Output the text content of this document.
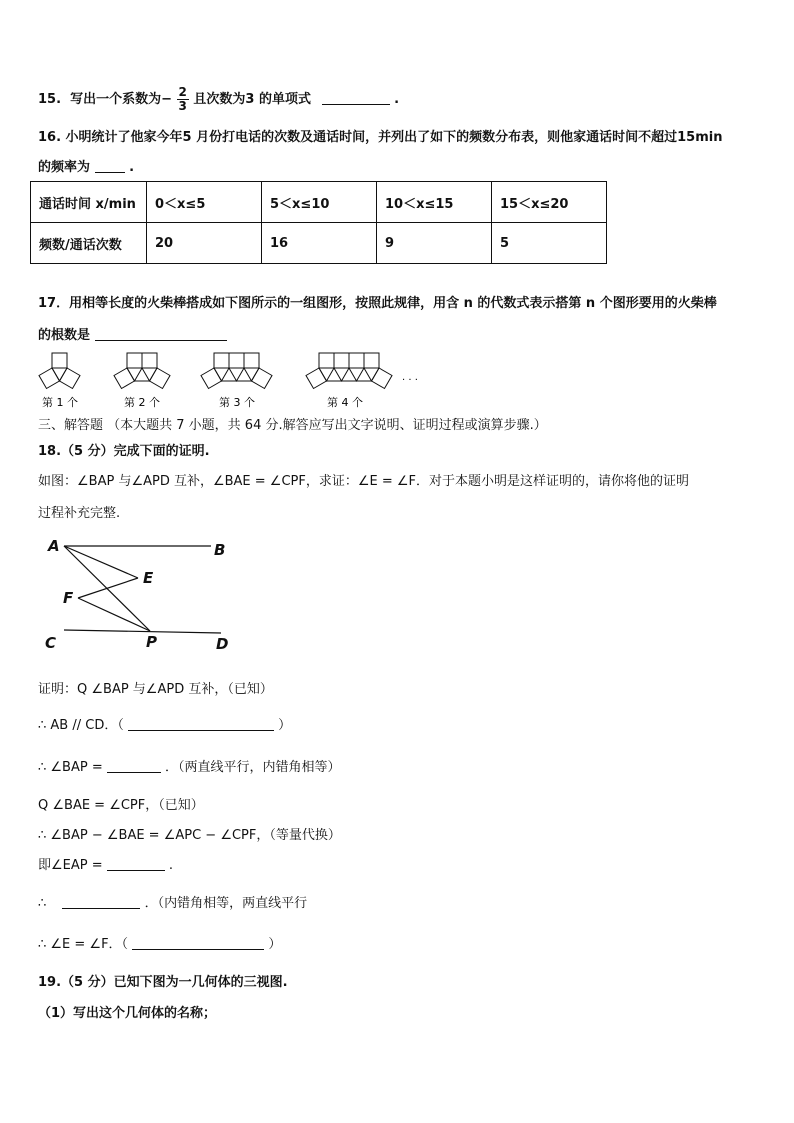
15. 写出一个系数为− $\frac{2}{3}$ 且次数为3 的单项式	.
16. 小明统计了他家今年5 月份打电话的次数及通话时间，并列出了如下的频数分布表，则他家通话时间不超过15min
的频率为	.
通话时间 x/min	0＜x≤5	5＜x≤10	10＜x≤15	15＜x≤20
频数/通话次数	20	16	9	5
17．用相等长度的火柴棒搭成如下图所示的一组图形，按照此规律，用含 n 的代数式表示搭第 n 个图形要用的火柴棒
的根数是
第 1 个	第 2 个	第 3 个	第 4 个
· · ·
三、解答题 （本大题共 7 小题，共 64 分.解答应写出文字说明、证明过程或演算步骤.）
18.（5 分）完成下面的证明.
如图：∠BAP 与∠APD 互补，∠BAE = ∠CPF，求证：∠E = ∠F．对于本题小明是这样证明的，请你将他的证明
过程补充完整.
A	B
E
F
C	P	D
证明：Q ∠BAP 与∠APD 互补，（已知）
∴ AB // CD．（	）
∴ ∠BAP =	．（两直线平行，内错角相等）
Q ∠BAE = ∠CPF，（已知）
∴ ∠BAP − ∠BAE = ∠APC − ∠CPF，（等量代换）
即∠EAP =	.
∴	．（内错角相等，两直线平行
∴ ∠E = ∠F．（	）
19.（5 分）已知下图为一几何体的三视图.
（1）写出这个几何体的名称；
